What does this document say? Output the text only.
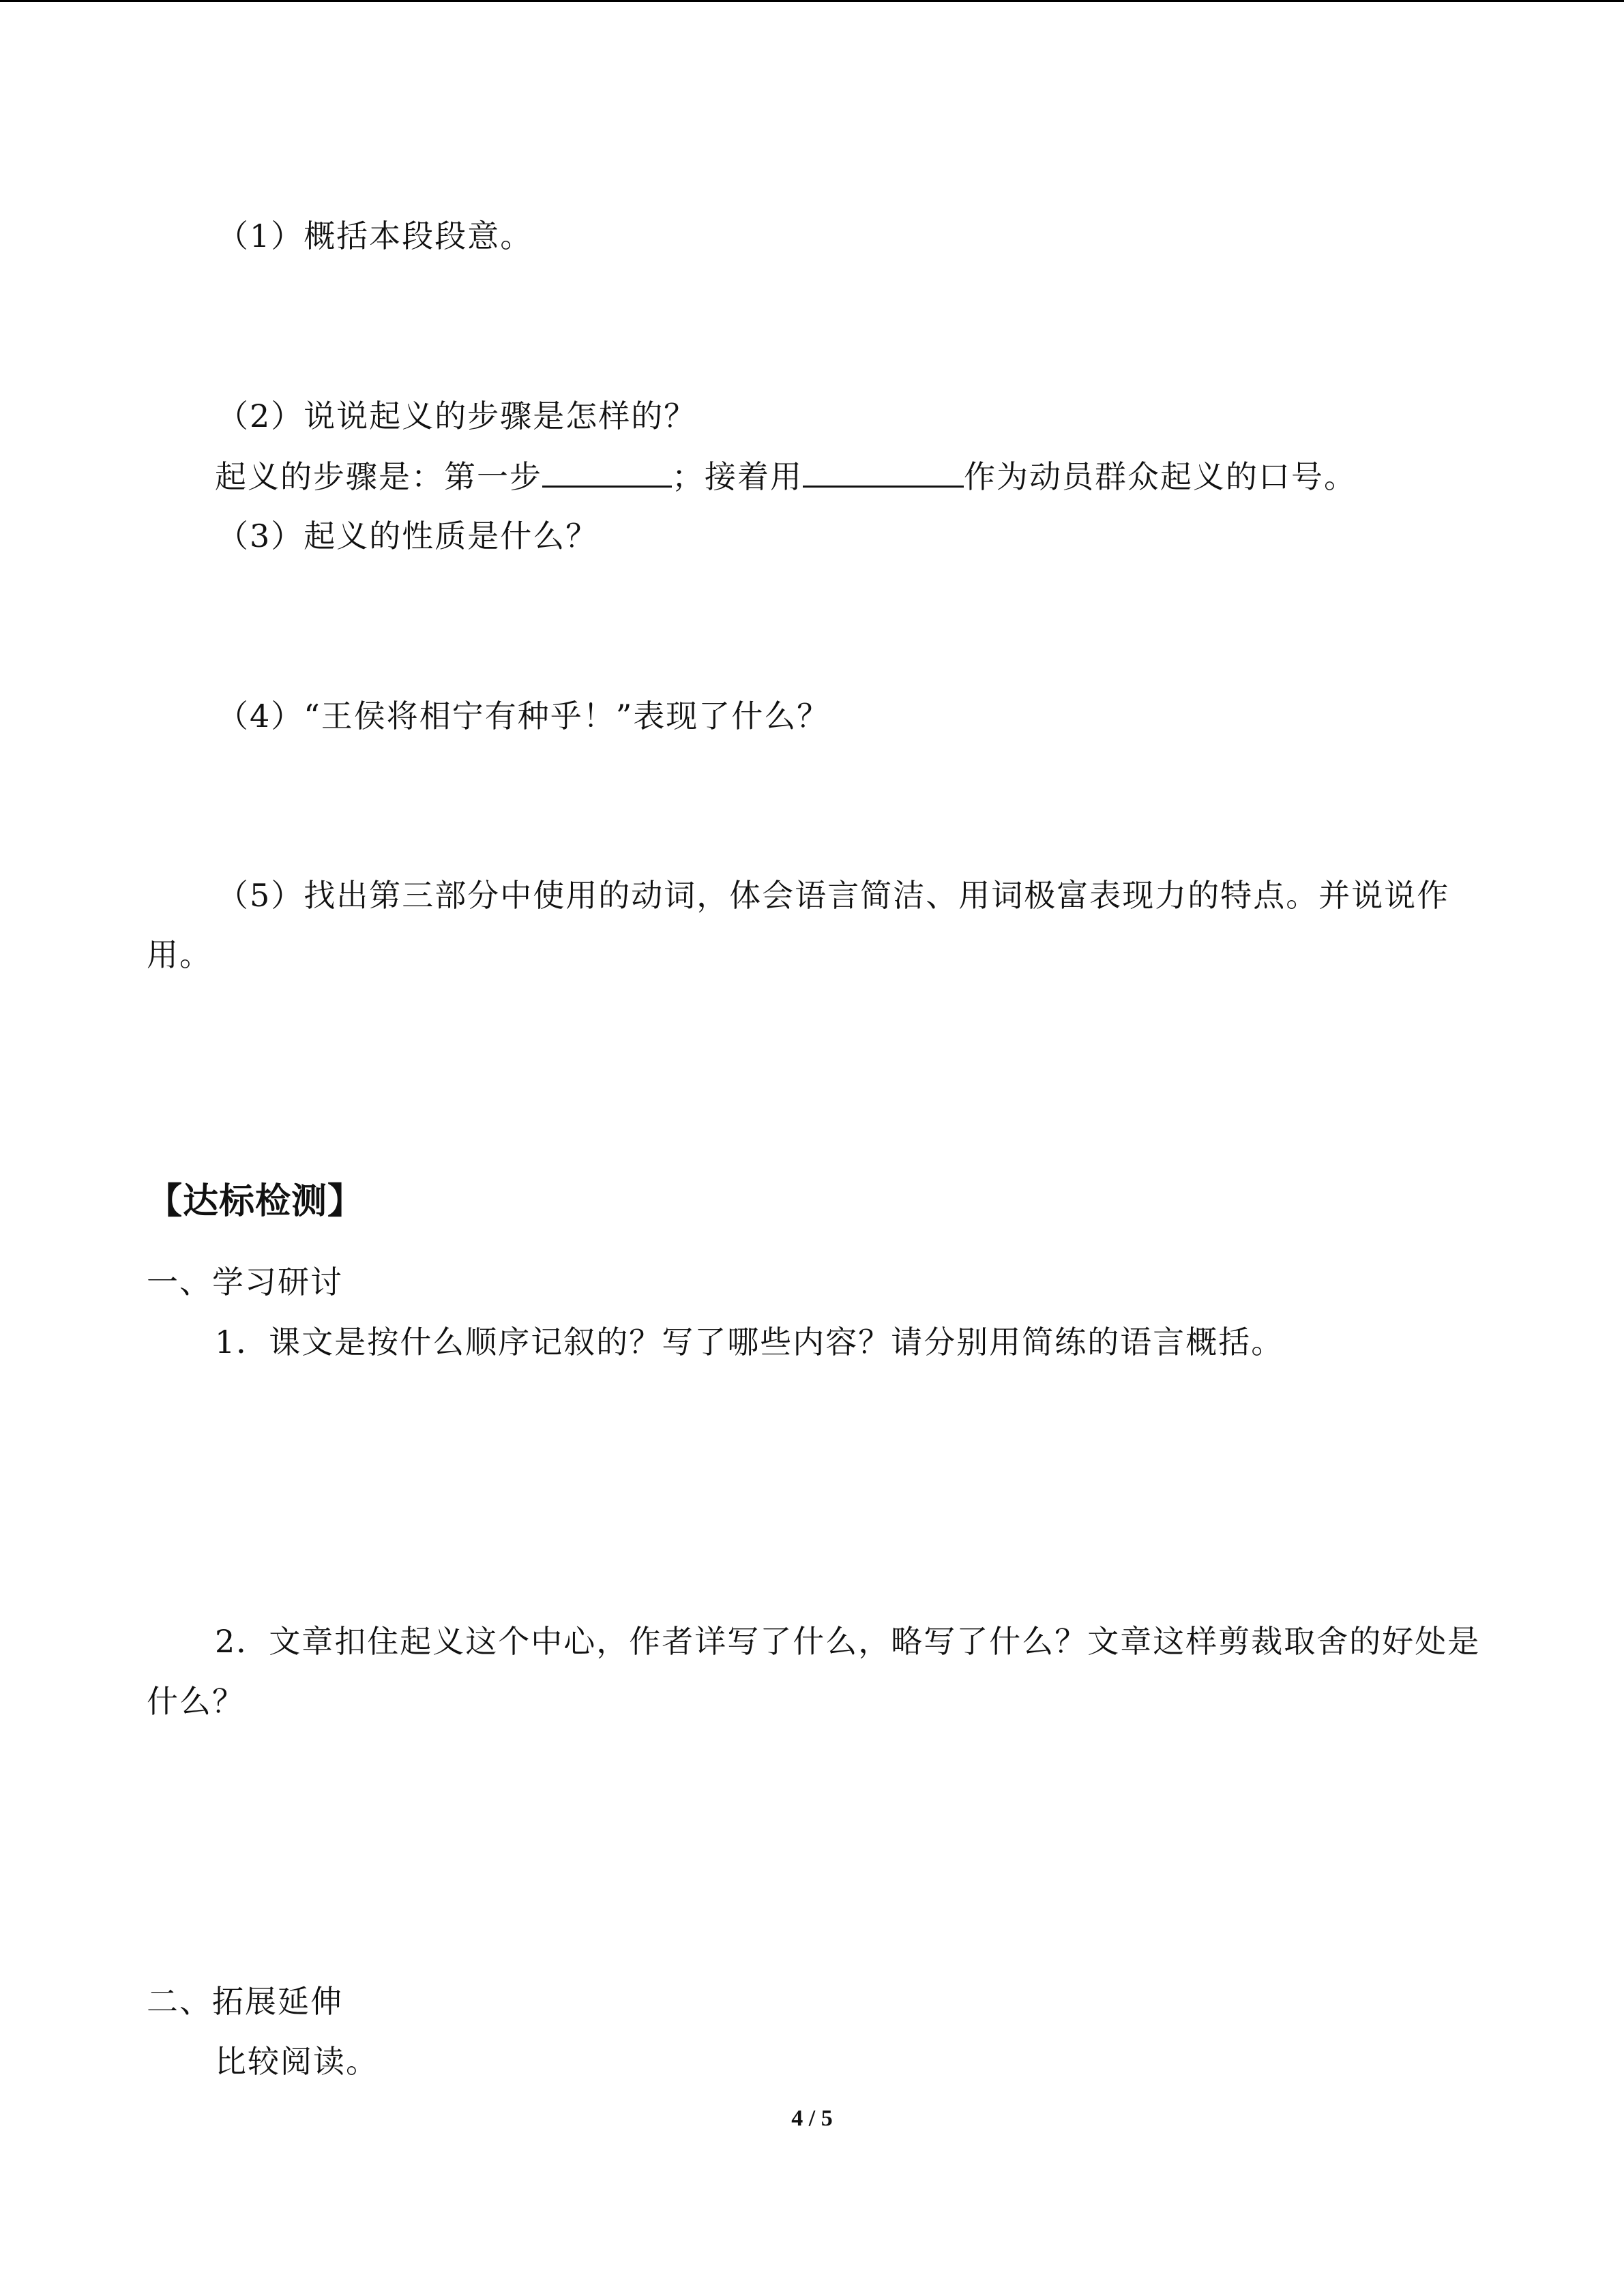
（1）概括本段段意。
（2）说说起义的步骤是怎样的？
起义的步骤是：第一步	；接着用	作为动员群众起义的口号。
（3）起义的性质是什么？
（4）“王侯将相宁有种乎！”表现了什么？
（5）找出第三部分中使用的动词，体会语言简洁、用词极富表现力的特点。并说说作
用。
【达标检测】
一、学习研讨
1．课文是按什么顺序记叙的？写了哪些内容？请分别用简练的语言概括。
2．文章扣住起义这个中心，作者详写了什么，略写了什么？文章这样剪裁取舍的好处是
什么？
二、拓展延伸
比较阅读。
4 / 5
